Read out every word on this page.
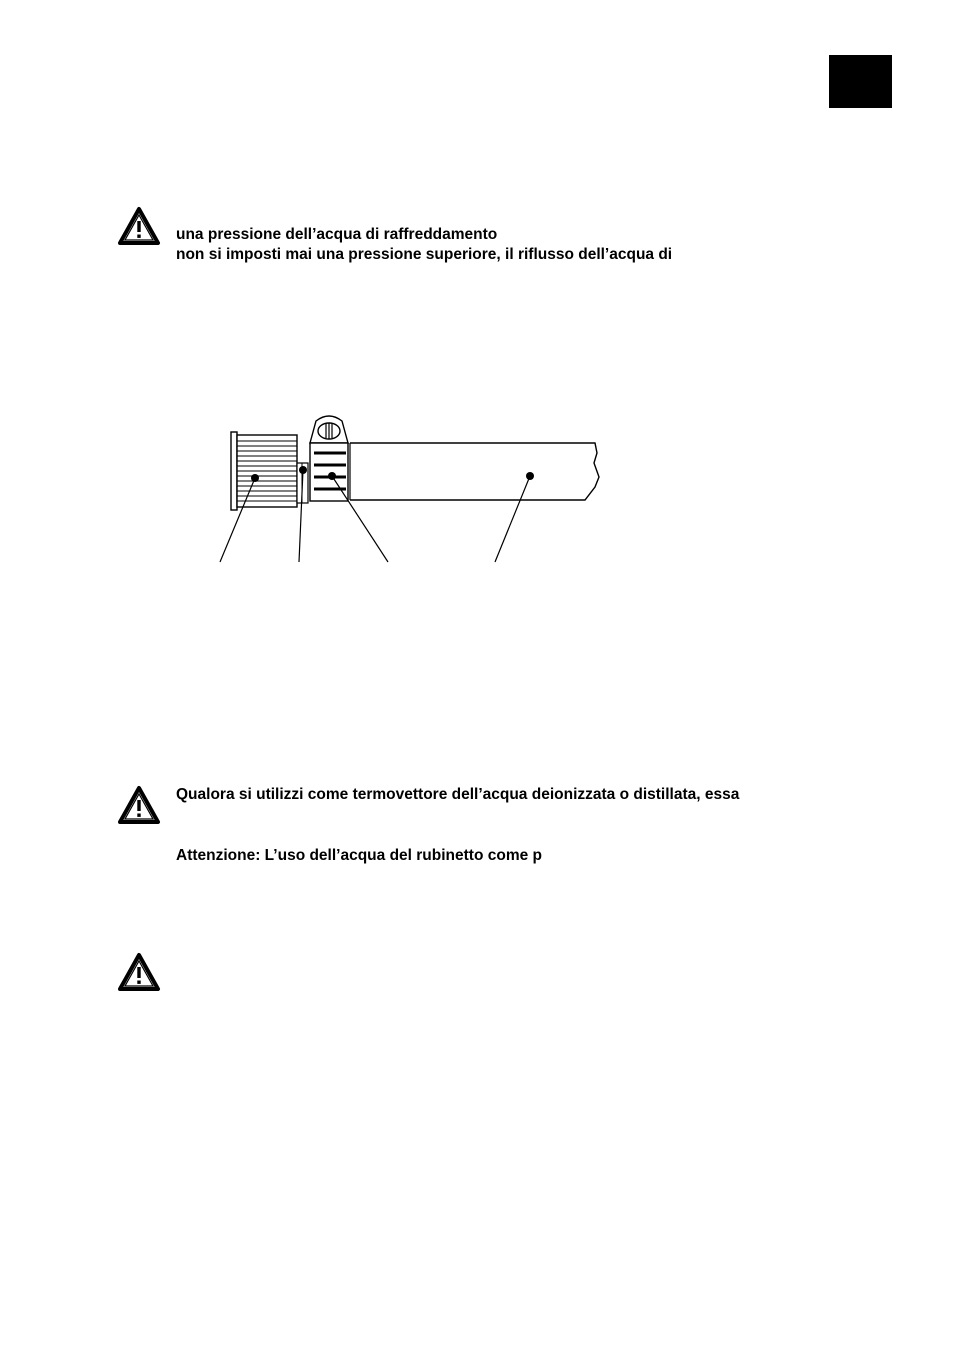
una pressione dell’acqua di raffreddamento

non si imposti mai una pressione superiore, il riflusso dell’acqua di

Qualora si utilizzi come termovettore dell’acqua deionizzata o distillata, essa

Attenzione: L’uso dell’acqua del rubinetto come p
